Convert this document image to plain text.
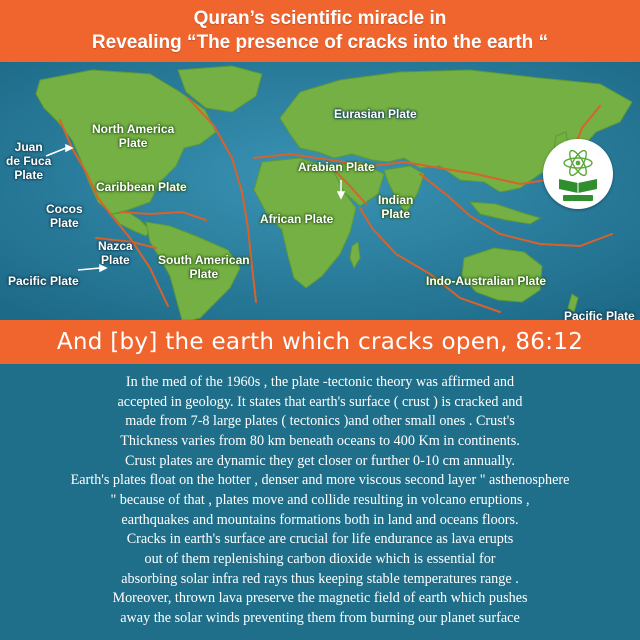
Quran’s scientific miracle in
Revealing “The presence of cracks into the earth “
North America
Plate
Eurasian Plate
Juan
de Fuca
Plate
Arabian Plate
Caribbean Plate
Cocos
Plate
Indian
Plate
African Plate
Nazca
Plate South American
Plate
Pacific Plate	Indo-Australian Plate
Pacific Plate
And [by] the earth which cracks open, 86:12
In the med of the 1960s , the plate -tectonic theory was affirmed and
accepted in geology. It states that earth's surface ( crust ) is cracked and
made from 7-8 large plates ( tectonics )and other small ones . Crust's
Thickness varies from 80 km beneath oceans to 400 Km in continents.
Crust plates are dynamic they get closer or further 0-10 cm annually.
Earth's plates float on the hotter , denser and more viscous second layer " asthenosphere
" because of that , plates move and collide resulting in volcano eruptions ,
earthquakes and mountains formations both in land and oceans floors.
Cracks in earth's surface are crucial for life endurance as lava erupts
out of them replenishing carbon dioxide which is essential for
absorbing solar infra red rays thus keeping stable temperatures range .
Moreover, thrown lava preserve the magnetic field of earth which pushes
away the solar winds preventing them from burning our planet surface
